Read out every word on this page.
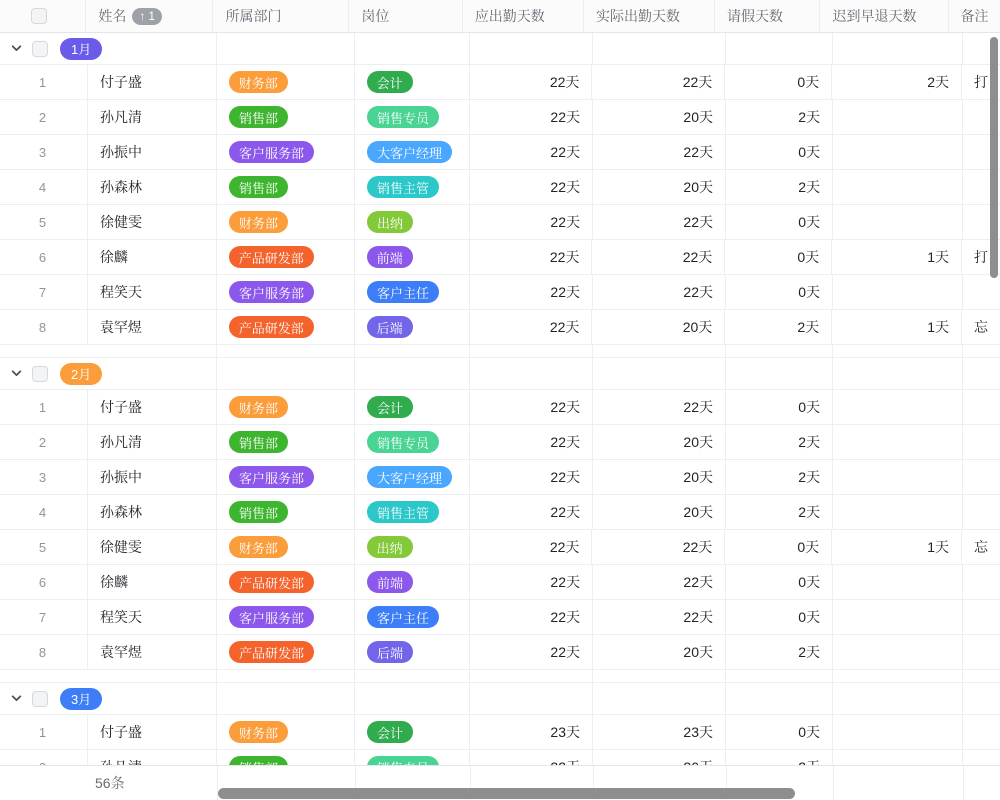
姓名 ↑ 1	所属部门	岗位	应出勤天数	实际出勤天数	请假天数	迟到早退天数	备注
1月
1	付子盛	财务部	会计	22天	22天	0天	2天	打
2	孙凡清	销售部	销售专员	22天	20天	2天
3	孙振中	客户服务部	大客户经理	22天	22天	0天
4	孙森林	销售部	销售主管	22天	20天	2天
5	徐健雯	财务部	出纳	22天	22天	0天
6	徐麟	产品研发部	前端	22天	22天	0天	1天	打
7	程笑天	客户服务部	客户主任	22天	22天	0天
8	袁罕煜	产品研发部	后端	22天	20天	2天	1天	忘
2月
1	付子盛	财务部	会计	22天	22天	0天
2	孙凡清	销售部	销售专员	22天	20天	2天
3	孙振中	客户服务部	大客户经理	22天	20天	2天
4	孙森林	销售部	销售主管	22天	20天	2天
5	徐健雯	财务部	出纳	22天	22天	0天	1天	忘
6	徐麟	产品研发部	前端	22天	22天	0天
7	程笑天	客户服务部	客户主任	22天	22天	0天
8	袁罕煜	产品研发部	后端	22天	20天	2天
3月
1	付子盛	财务部	会计	23天	23天	0天
56条
